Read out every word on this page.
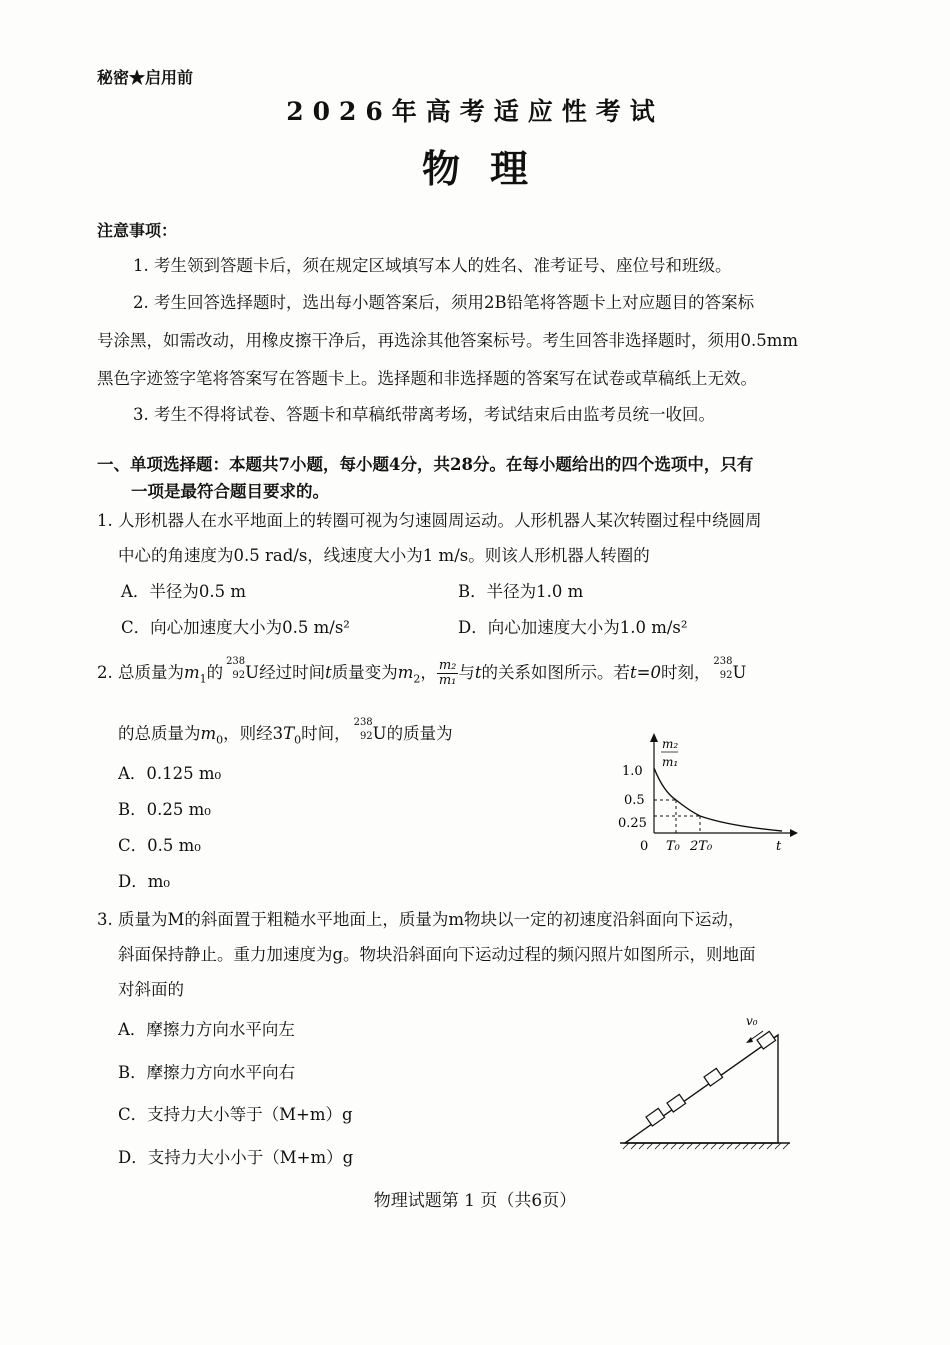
秘密★启用前
2026年高考适应性考试
物理
注意事项：
1. 考生领到答题卡后，须在规定区域填写本人的姓名、准考证号、座位号和班级。
2. 考生回答选择题时，选出每小题答案后，须用2B铅笔将答题卡上对应题目的答案标
号涂黑，如需改动，用橡皮擦干净后，再选涂其他答案标号。考生回答非选择题时，须用0.5mm
黑色字迹签字笔将答案写在答题卡上。选择题和非选择题的答案写在试卷或草稿纸上无效。
3. 考生不得将试卷、答题卡和草稿纸带离考场，考试结束后由监考员统一收回。
一、单项选择题：本题共7小题，每小题4分，共28分。在每小题给出的四个选项中，只有
一项是最符合题目要求的。
1. 人形机器人在水平地面上的转圈可视为匀速圆周运动。人形机器人某次转圈过程中绕圆周
中心的角速度为0.5 rad/s，线速度大小为1 m/s。则该人形机器人转圈的
A．半径为0.5 m	B．半径为1.0 m
C．向心加速度大小为0.5 m/s²	D．向心加速度大小为1.0 m/s²
2. 总质量为$m_1$的
238
92 U经过时间t质量变为$m_2$， $\frac{\text{m₂}}{\text{m₁}}$ 与t的关系如图所示。若t=0时刻，
238
92 U
的总质量为$m_0$，则经$3T_0$时间，
238
92 U的质量为
A．0.125 m₀
B．0.25 m₀
C．0.5 m₀
D．m₀
m₂
m₁
1.0
0.5
0.25
0 T₀ 2T₀	t
3. 质量为M的斜面置于粗糙水平地面上，质量为m物块以一定的初速度沿斜面向下运动，
斜面保持静止。重力加速度为g。物块沿斜面向下运动过程的频闪照片如图所示，则地面
对斜面的
A．摩擦力方向水平向左
B．摩擦力方向水平向右
C．支持力大小等于（M+m）g
D．支持力大小小于（M+m）g
v₀
物理试题第 1 页（共6页）
